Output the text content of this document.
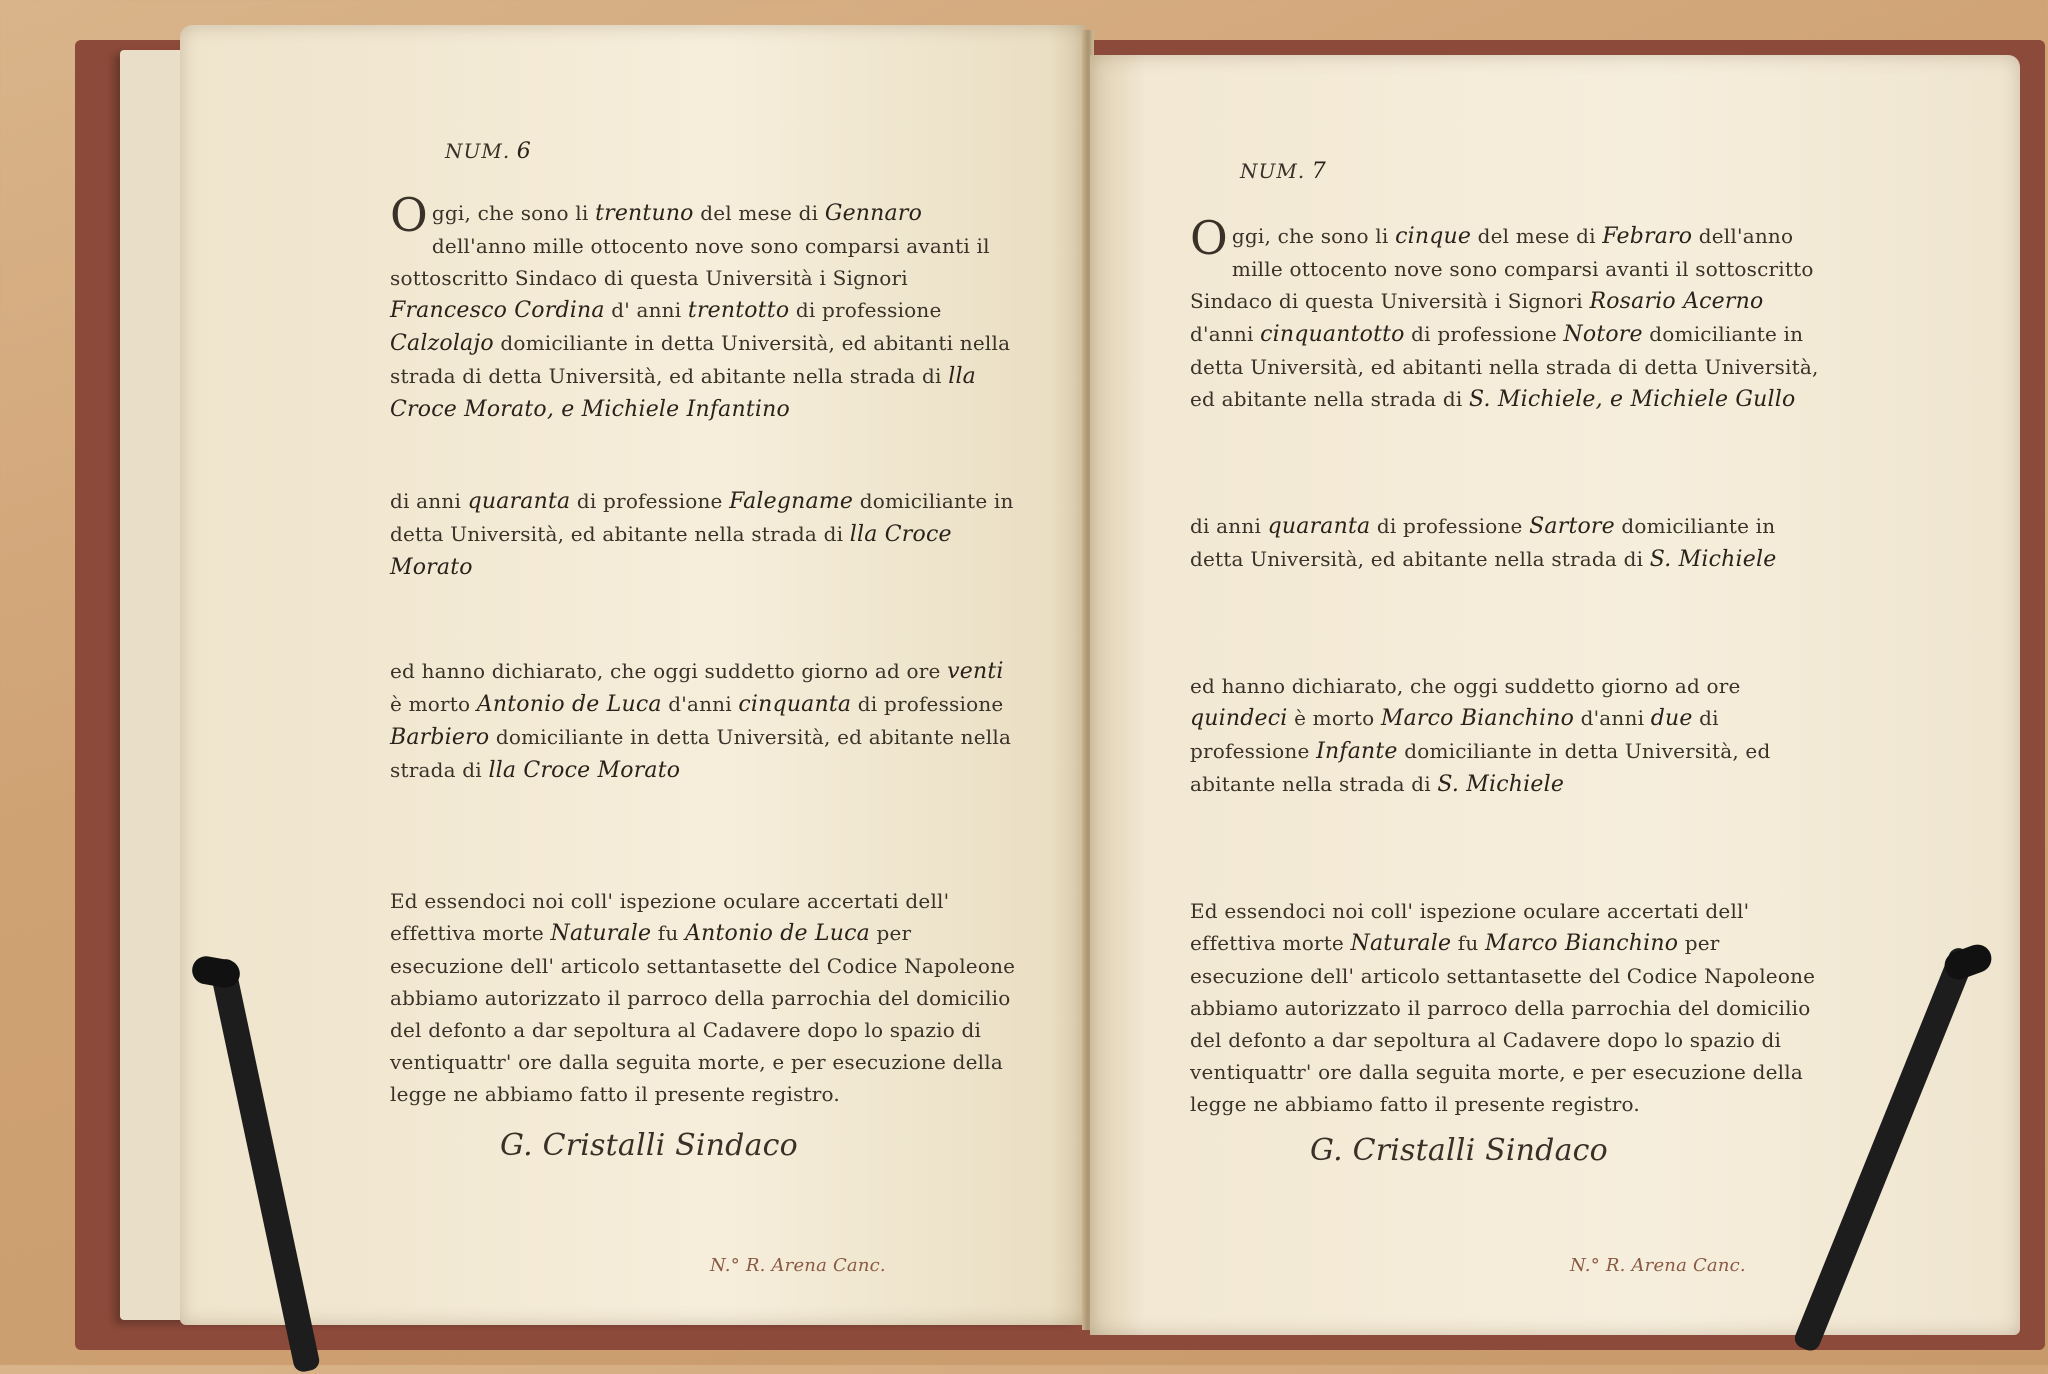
NUM. 6

Oggi, che sono li trentuno del mese di Gennaro dell'anno mille ottocento nove sono comparsi avanti il sottoscritto Sindaco di questa Università i Signori Francesco Cordina d' anni trentotto di professione Calzolajo domiciliante in detta Università, ed abitanti nella strada di detta Università, ed abitante nella strada di lla Croce Morato, e Michiele Infantino

di anni quaranta di professione Falegname domiciliante in detta Università, ed abitante nella strada di lla Croce Morato

ed hanno dichiarato, che oggi suddetto giorno ad ore venti è morto Antonio de Luca d'anni cinquanta di professione Barbiero domiciliante in detta Università, ed abitante nella strada di lla Croce Morato

Ed essendoci noi coll' ispezione oculare accertati dell' effettiva morte Naturale fu Antonio de Luca per esecuzione dell' articolo settantasette del Codice Napoleone abbiamo autorizzato il parroco della parrochia del domicilio del defonto a dar sepoltura al Cadavere dopo lo spazio di ventiquattr' ore dalla seguita morte, e per esecuzione della legge ne abbiamo fatto il presente registro.

G. Cristalli Sindaco
N.° R. Arena Canc.
NUM. 7

Oggi, che sono li cinque del mese di Febraro dell'anno mille ottocento nove sono comparsi avanti il sottoscritto Sindaco di questa Università i Signori Rosario Acerno d'anni cinquantotto di professione Notore domiciliante in detta Università, ed abitanti nella strada di detta Università, ed abitante nella strada di S. Michiele, e Michiele Gullo

di anni quaranta di professione Sartore domiciliante in detta Università, ed abitante nella strada di S. Michiele

ed hanno dichiarato, che oggi suddetto giorno ad ore quindeci è morto Marco Bianchino d'anni due di professione Infante domiciliante in detta Università, ed abitante nella strada di S. Michiele

Ed essendoci noi coll' ispezione oculare accertati dell' effettiva morte Naturale fu Marco Bianchino per esecuzione dell' articolo settantasette del Codice Napoleone abbiamo autorizzato il parroco della parrochia del domicilio del defonto a dar sepoltura al Cadavere dopo lo spazio di ventiquattr' ore dalla seguita morte, e per esecuzione della legge ne abbiamo fatto il presente registro.

G. Cristalli Sindaco
N.° R. Arena Canc.
